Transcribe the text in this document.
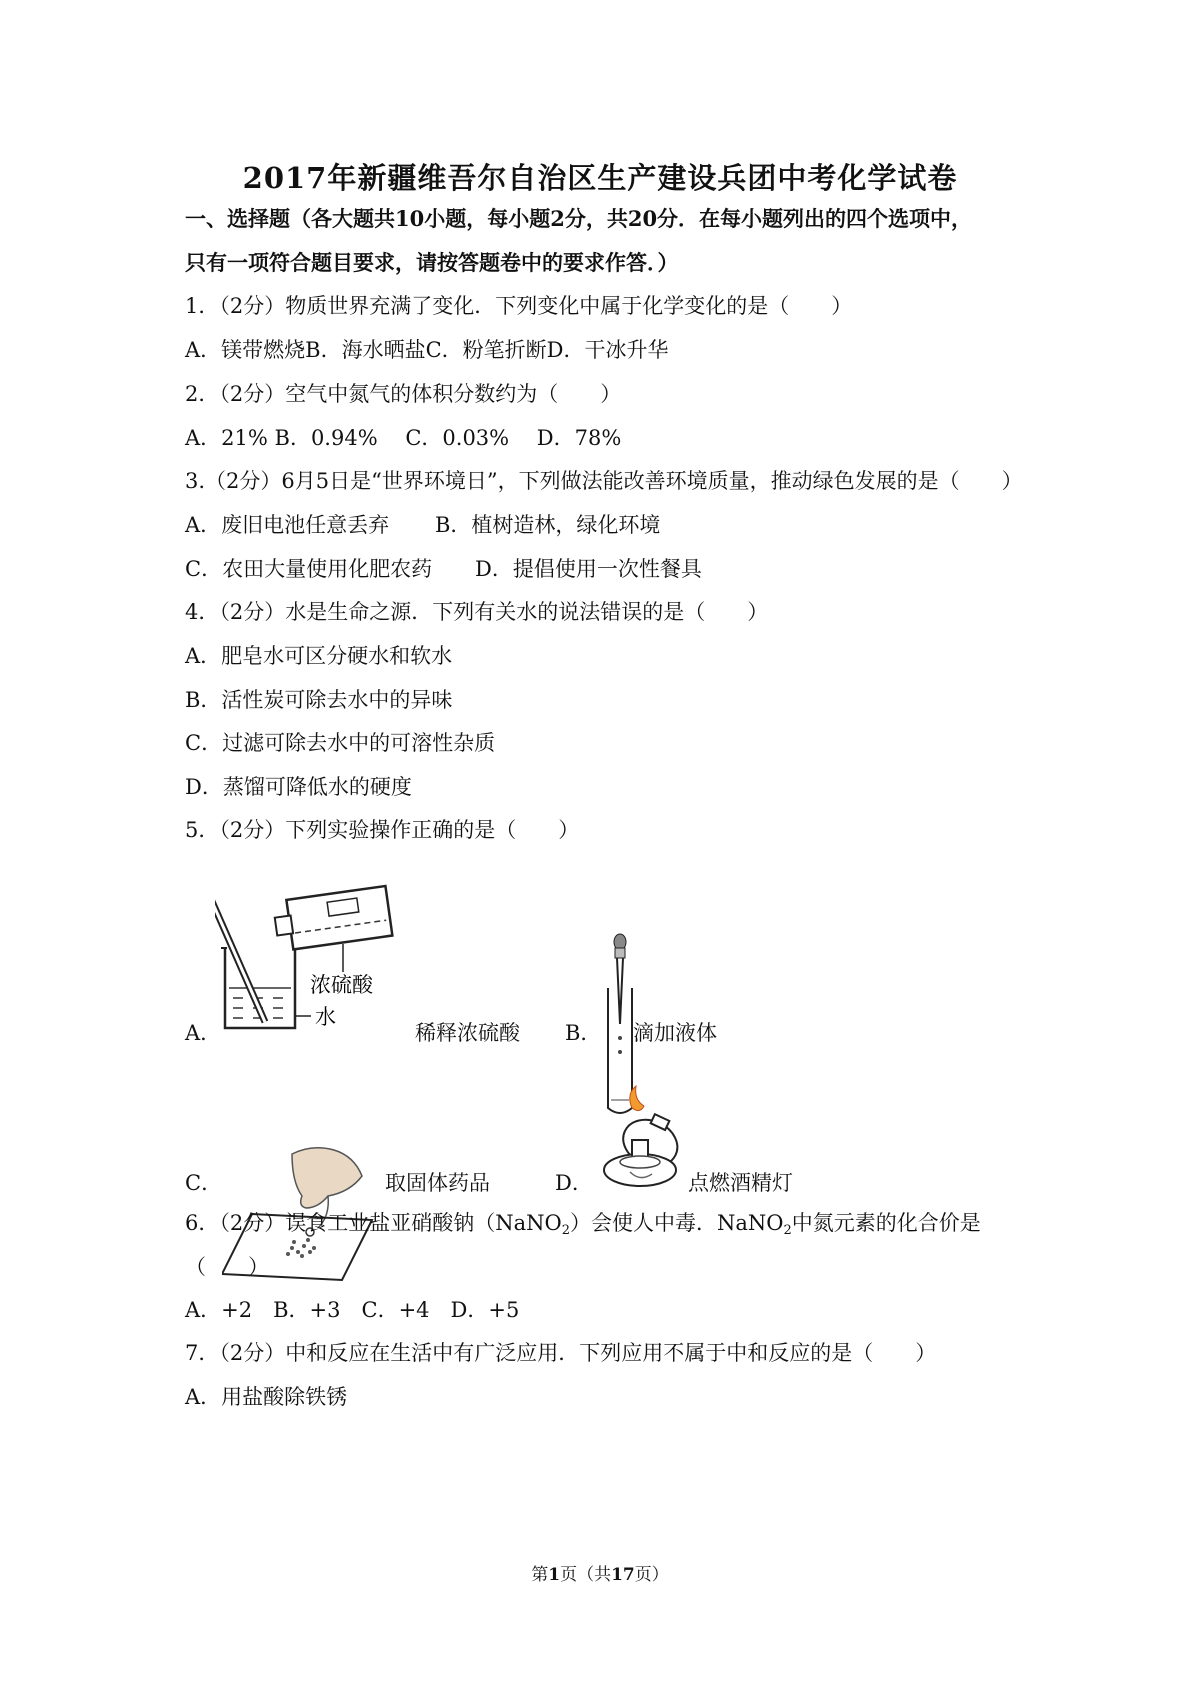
2017年新疆维吾尔自治区生产建设兵团中考化学试卷
一、选择题（各大题共10小题，每小题2分，共20分．在每小题列出的四个选项中，
只有一项符合题目要求，请按答题卷中的要求作答．）
1．（2分）物质世界充满了变化．下列变化中属于化学变化的是（　　）
A．镁带燃烧B．海水晒盐C．粉笔折断D．干冰升华
2．（2分）空气中氮气的体积分数约为（　　）
A．21% B．0.94%　 C．0.03%　 D．78%
3.（2分）6月5日是“世界环境日”，下列做法能改善环境质量，推动绿色发展的是（　　）
A．废旧电池任意丢弃 B．植树造林，绿化环境
C．农田大量使用化肥农药 D．提倡使用一次性餐具
4．（2分）水是生命之源．下列有关水的说法错误的是（　　）
A．肥皂水可区分硬水和软水
B．活性炭可除去水中的异味
C．过滤可除去水中的可溶性杂质
D．蒸馏可降低水的硬度
5．（2分）下列实验操作正确的是（　　）
A．
浓硫酸
水
稀释浓硫酸 B． 滴加液体
C．	取固体药品	D．	点燃酒精灯
6．（2分）误食工业盐亚硝酸钠（NaNO$_2$）会使人中毒．NaNO$_2$中氮元素的化合价是
（　　）
A．+2　B．+3　C．+4　D．+5
7．（2分）中和反应在生活中有广泛应用．下列应用不属于中和反应的是（　　）
A．用盐酸除铁锈
第1页（共17页）
